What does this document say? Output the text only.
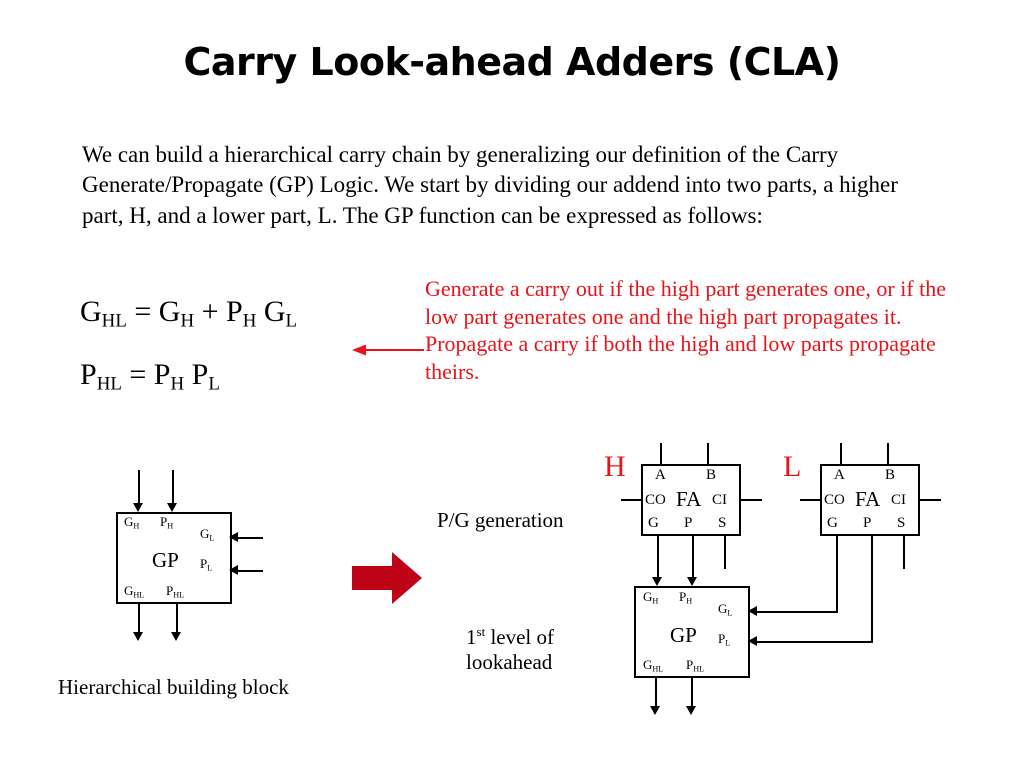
Carry Look-ahead Adders (CLA)
We can build a hierarchical carry chain by generalizing our definition of the Carry Generate/Propagate (GP) Logic. We start by dividing our addend into two parts, a higher part, H, and a lower part, L. The GP function can be expressed as follows:
$G_{HL} = G_H + P_H$ $G_L$
$P_{HL} = P_H$ $P_L$
Generate a carry out if the high part generates one, or if the low part generates one and the high part propagates it. Propagate a carry if both the high and low parts propagate theirs.
$G_H$ $P_H$
GP
$G_L$
$P_L$
$G_{HL}$ $P_{HL}$
Hierarchical building block
P/G generation
1st level of
lookahead
H	L
A	B
CO FA CI
G P S
A	B
CO FA CI
G P S
$G_H$ $P_H$
GP
$G_L$
$P_L$
$G_{HL}$ $P_{HL}$
